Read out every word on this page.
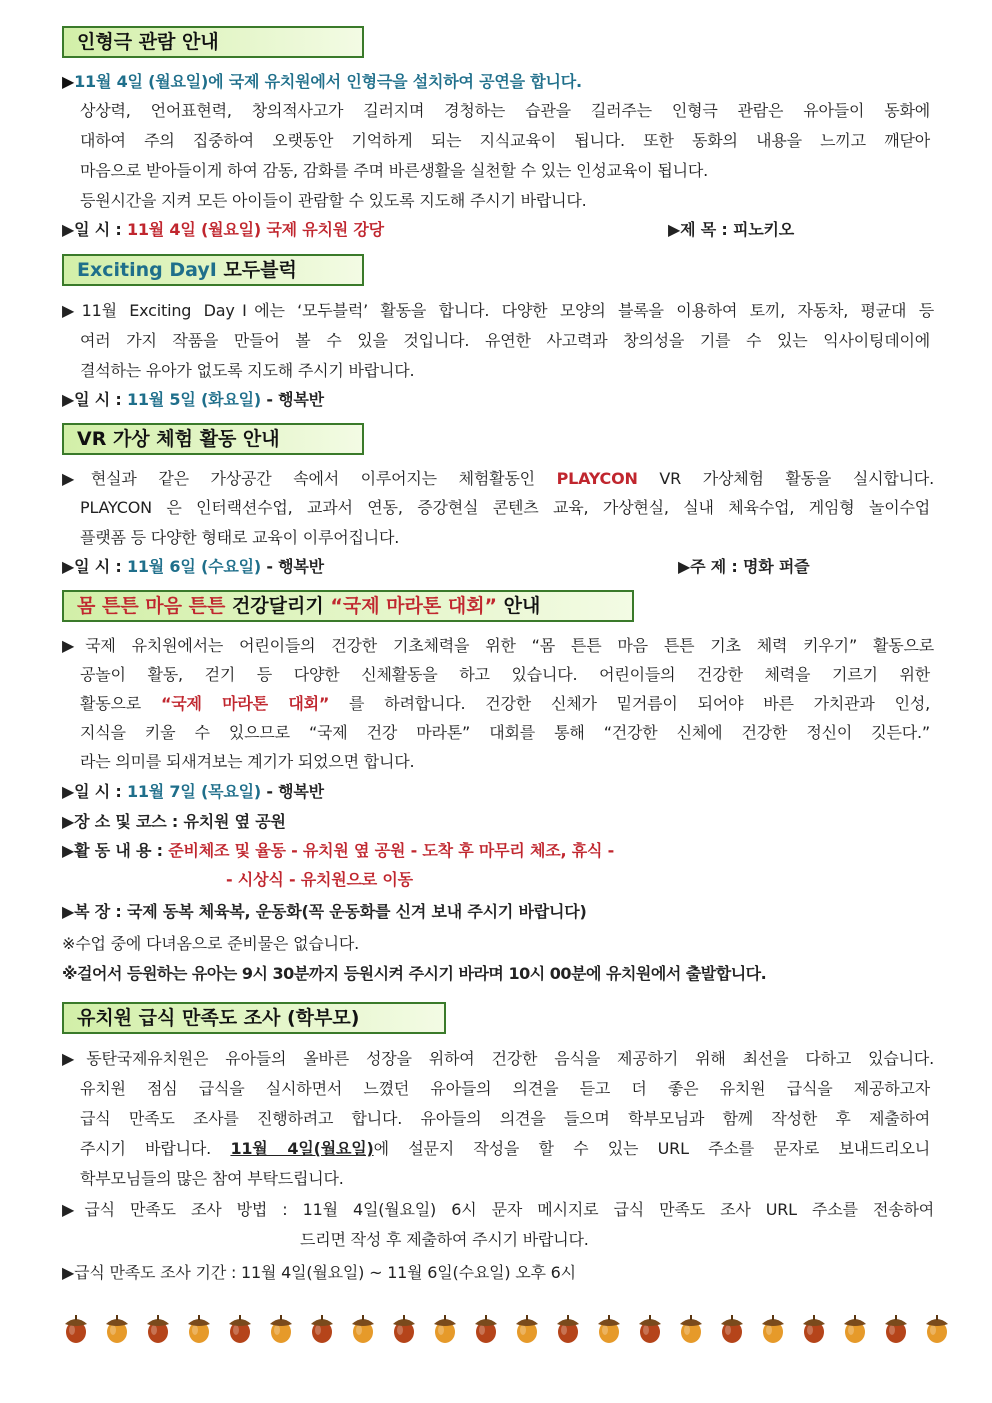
인형극 관람 안내
▶11월 4일 (월요일)에 국제 유치원에서 인형극을 설치하여 공연을 합니다.
상상력, 언어표현력, 창의적사고가 길러지며 경청하는 습관을 길러주는 인형극 관람은 유아들이 동화에
대하여 주의 집중하여 오랫동안 기억하게 되는 지식교육이 됩니다. 또한 동화의 내용을 느끼고 깨닫아
마음으로 받아들이게 하여 감동, 감화를 주며 바른생활을 실천할 수 있는 인성교육이 됩니다.
등원시간을 지켜 모든 아이들이 관람할 수 있도록 지도해 주시기 바랍니다.
▶일 시 : 11월 4일 (월요일) 국제 유치원 강당	▶제 목 : 피노키오
Exciting DayⅠ 모두블럭
▶11월 Exciting DayⅠ에는 ‘모두블럭’ 활동을 합니다. 다양한 모양의 블록을 이용하여 토끼, 자동차, 평균대 등
여러 가지 작품을 만들어 볼 수 있을 것입니다. 유연한 사고력과 창의성을 기를 수 있는 익사이팅데이에
결석하는 유아가 없도록 지도해 주시기 바랍니다.
▶일 시 : 11월 5일 (화요일) - 행복반
VR 가상 체험 활동 안내
▶현실과 같은 가상공간 속에서 이루어지는 체험활동인 PLAYCON VR 가상체험 활동을 실시합니다.
PLAYCON 은 인터랙션수업, 교과서 연동, 증강현실 콘텐츠 교육, 가상현실, 실내 체육수업, 게임형 놀이수업
플랫폼 등 다양한 형태로 교육이 이루어집니다.
▶일 시 : 11월 6일 (수요일) - 행복반	▶주 제 : 명화 퍼즐
몸 튼튼 마음 튼튼 건강달리기 “국제 마라톤 대회” 안내
▶국제 유치원에서는 어린이들의 건강한 기초체력을 위한 “몸 튼튼 마음 튼튼 기초 체력 키우기” 활동으로
공놀이 활동, 걷기 등 다양한 신체활동을 하고 있습니다. 어린이들의 건강한 체력을 기르기 위한
활동으로 “국제 마라톤 대회” 를 하려합니다. 건강한 신체가 밑거름이 되어야 바른 가치관과 인성,
지식을 키울 수 있으므로 “국제 건강 마라톤” 대회를 통해 “건강한 신체에 건강한 정신이 깃든다.”
라는 의미를 되새겨보는 계기가 되었으면 합니다.
▶일 시 : 11월 7일 (목요일) - 행복반
▶장 소 및 코스 : 유치원 옆 공원
▶활 동 내 용 : 준비체조 및 율동 - 유치원 옆 공원 - 도착 후 마무리 체조, 휴식 -
- 시상식 - 유치원으로 이동
▶복 장 : 국제 동복 체육복, 운동화(꼭 운동화를 신겨 보내 주시기 바랍니다)
※수업 중에 다녀옴으로 준비물은 없습니다.
※걸어서 등원하는 유아는 9시 30분까지 등원시켜 주시기 바라며 10시 00분에 유치원에서 출발합니다.
유치원 급식 만족도 조사 (학부모)
▶동탄국제유치원은 유아들의 올바른 성장을 위하여 건강한 음식을 제공하기 위해 최선을 다하고 있습니다.
유치원 점심 급식을 실시하면서 느꼈던 유아들의 의견을 듣고 더 좋은 유치원 급식을 제공하고자
급식 만족도 조사를 진행하려고 합니다. 유아들의 의견을 들으며 학부모님과 함께 작성한 후 제출하여
주시기 바랍니다. 11월 4일(월요일)에 설문지 작성을 할 수 있는 URL 주소를 문자로 보내드리오니
학부모님들의 많은 참여 부탁드립니다.
▶급식 만족도 조사 방법 : 11월 4일(월요일) 6시 문자 메시지로 급식 만족도 조사 URL 주소를 전송하여
드리면 작성 후 제출하여 주시기 바랍니다.
▶급식 만족도 조사 기간 : 11월 4일(월요일) ~ 11월 6일(수요일) 오후 6시
